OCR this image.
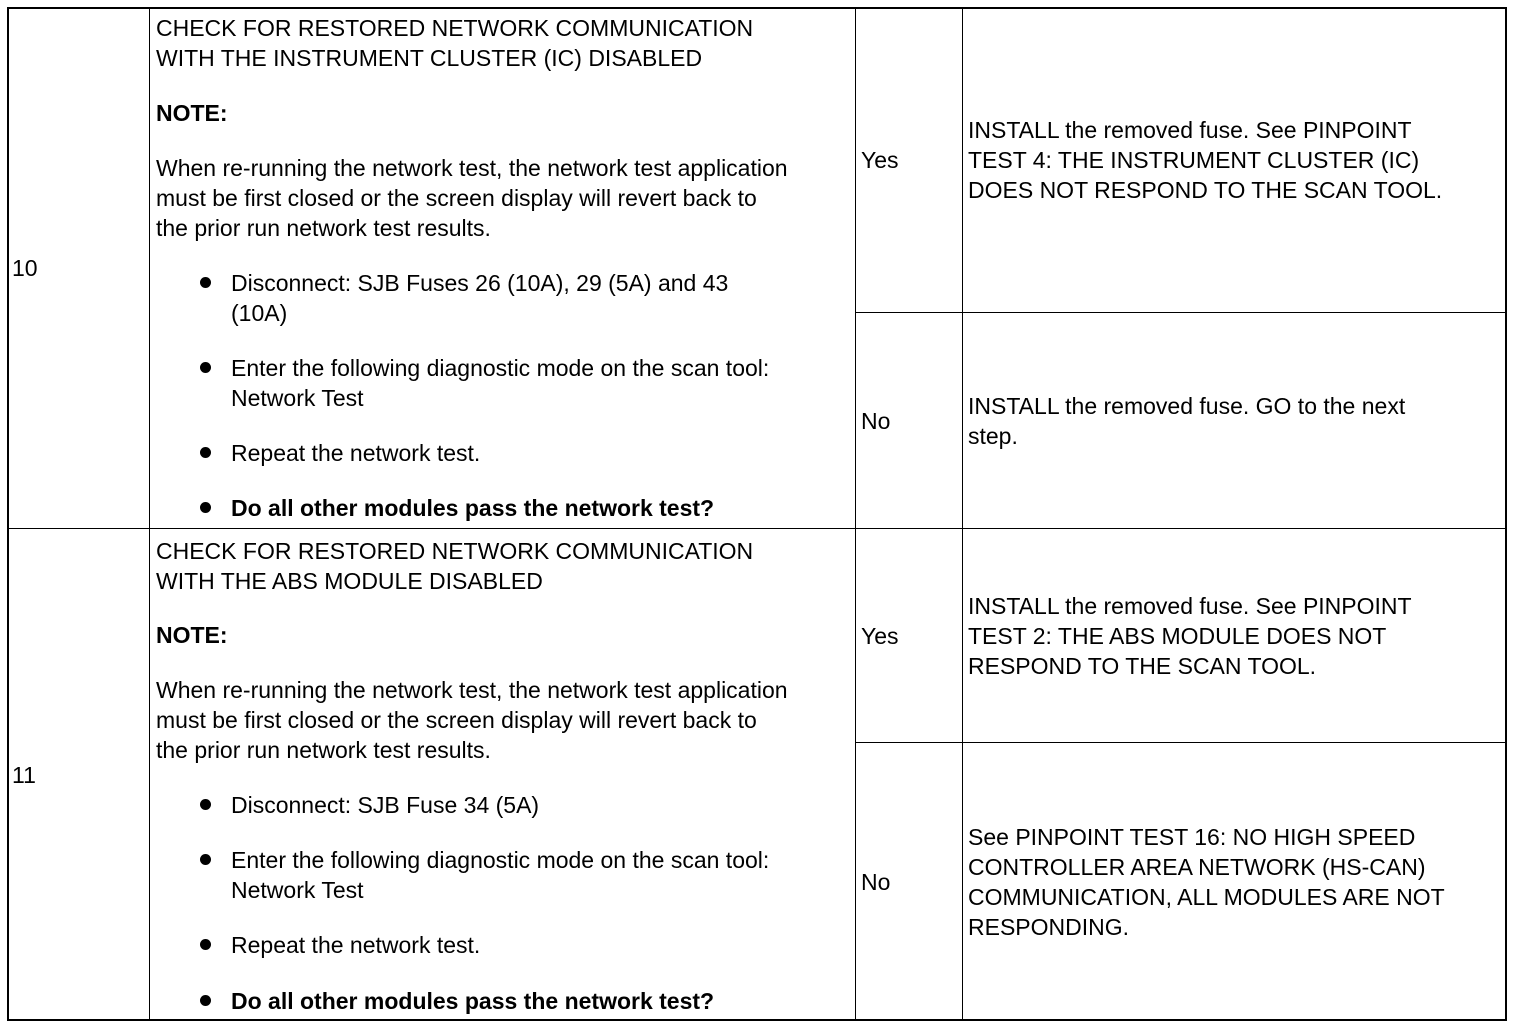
10
CHECK FOR RESTORED NETWORK COMMUNICATION
WITH THE INSTRUMENT CLUSTER (IC) DISABLED
NOTE:
When re-running the network test, the network test application
must be first closed or the screen display will revert back to
the prior run network test results.
Disconnect: SJB Fuses 26 (10A), 29 (5A) and 43
(10A)
Enter the following diagnostic mode on the scan tool:
Network Test
Repeat the network test.
Do all other modules pass the network test?
Yes
INSTALL the removed fuse. See PINPOINT
TEST 4: THE INSTRUMENT CLUSTER (IC)
DOES NOT RESPOND TO THE SCAN TOOL.
No
INSTALL the removed fuse. GO to the next
step.
11
CHECK FOR RESTORED NETWORK COMMUNICATION
WITH THE ABS MODULE DISABLED
NOTE:
When re-running the network test, the network test application
must be first closed or the screen display will revert back to
the prior run network test results.
Disconnect: SJB Fuse 34 (5A)
Enter the following diagnostic mode on the scan tool:
Network Test
Repeat the network test.
Do all other modules pass the network test?
Yes
INSTALL the removed fuse. See PINPOINT
TEST 2: THE ABS MODULE DOES NOT
RESPOND TO THE SCAN TOOL.
No
See PINPOINT TEST 16: NO HIGH SPEED
CONTROLLER AREA NETWORK (HS-CAN)
COMMUNICATION, ALL MODULES ARE NOT
RESPONDING.
